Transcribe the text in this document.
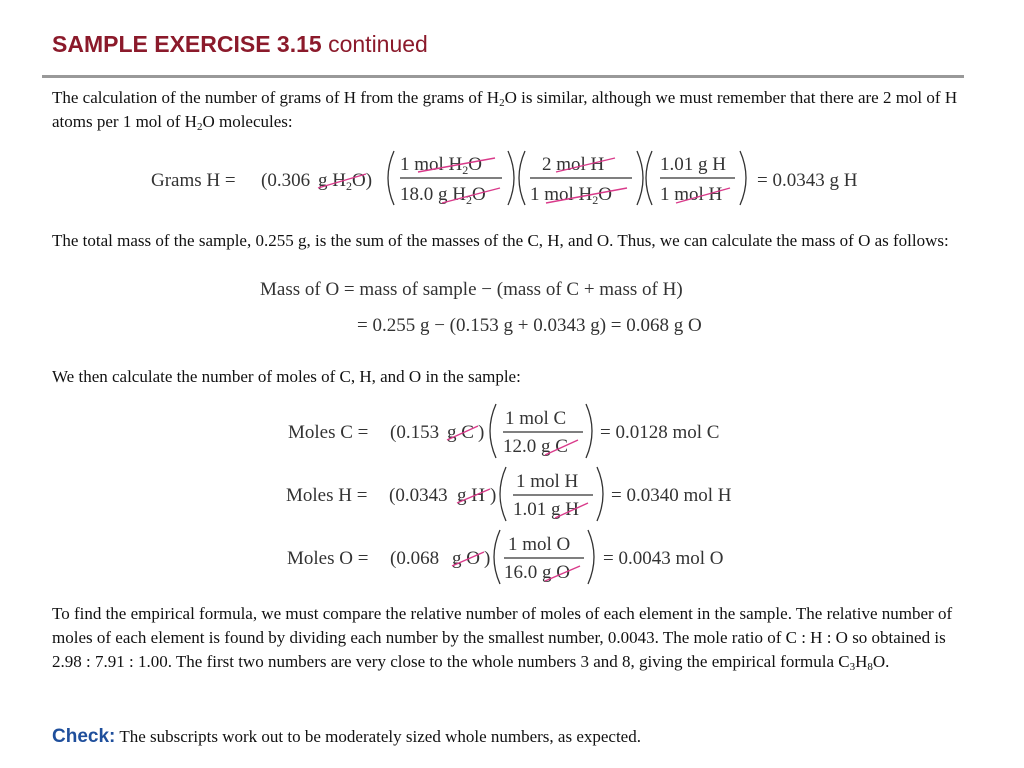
SAMPLE EXERCISE 3.15 continued

The calculation of the number of grams of H from the grams of $H_2O$ is similar, although we must remember that there are 2 mol of H atoms per 1 mol of $H_2O$ molecules:

Grams H = (0.306 g $H_2O$)
1 mol $H_2O$
18.0 g $H_2O$
2 mol H
1 mol $H_2O$
1.01 g H
1 mol H
= 0.0343 g H

The total mass of the sample, 0.255 g, is the sum of the masses of the C, H, and O. Thus, we can calculate the mass of O as follows:

Mass of O = mass of sample − (mass of C + mass of H)
= 0.255 g − (0.153 g + 0.0343 g) = 0.068 g O

We then calculate the number of moles of C, H, and O in the sample:

Moles C = (0.153 g C )
1 mol C
12.0 g C
= 0.0128 mol C
Moles H = (0.0343 g H )
1 mol H
1.01 g H
= 0.0340 mol H
Moles O = (0.068 g O )
1 mol O
16.0 g O
= 0.0043 mol O

To find the empirical formula, we must compare the relative number of moles of each element in the sample. The relative number of moles of each element is found by dividing each number by the smallest number, 0.0043. The mole ratio of C : H : O so obtained is 2.98 : 7.91 : 1.00. The first two numbers are very close to the whole numbers 3 and 8, giving the empirical formula $C_3H_8O$.

Check: The subscripts work out to be moderately sized whole numbers, as expected.
